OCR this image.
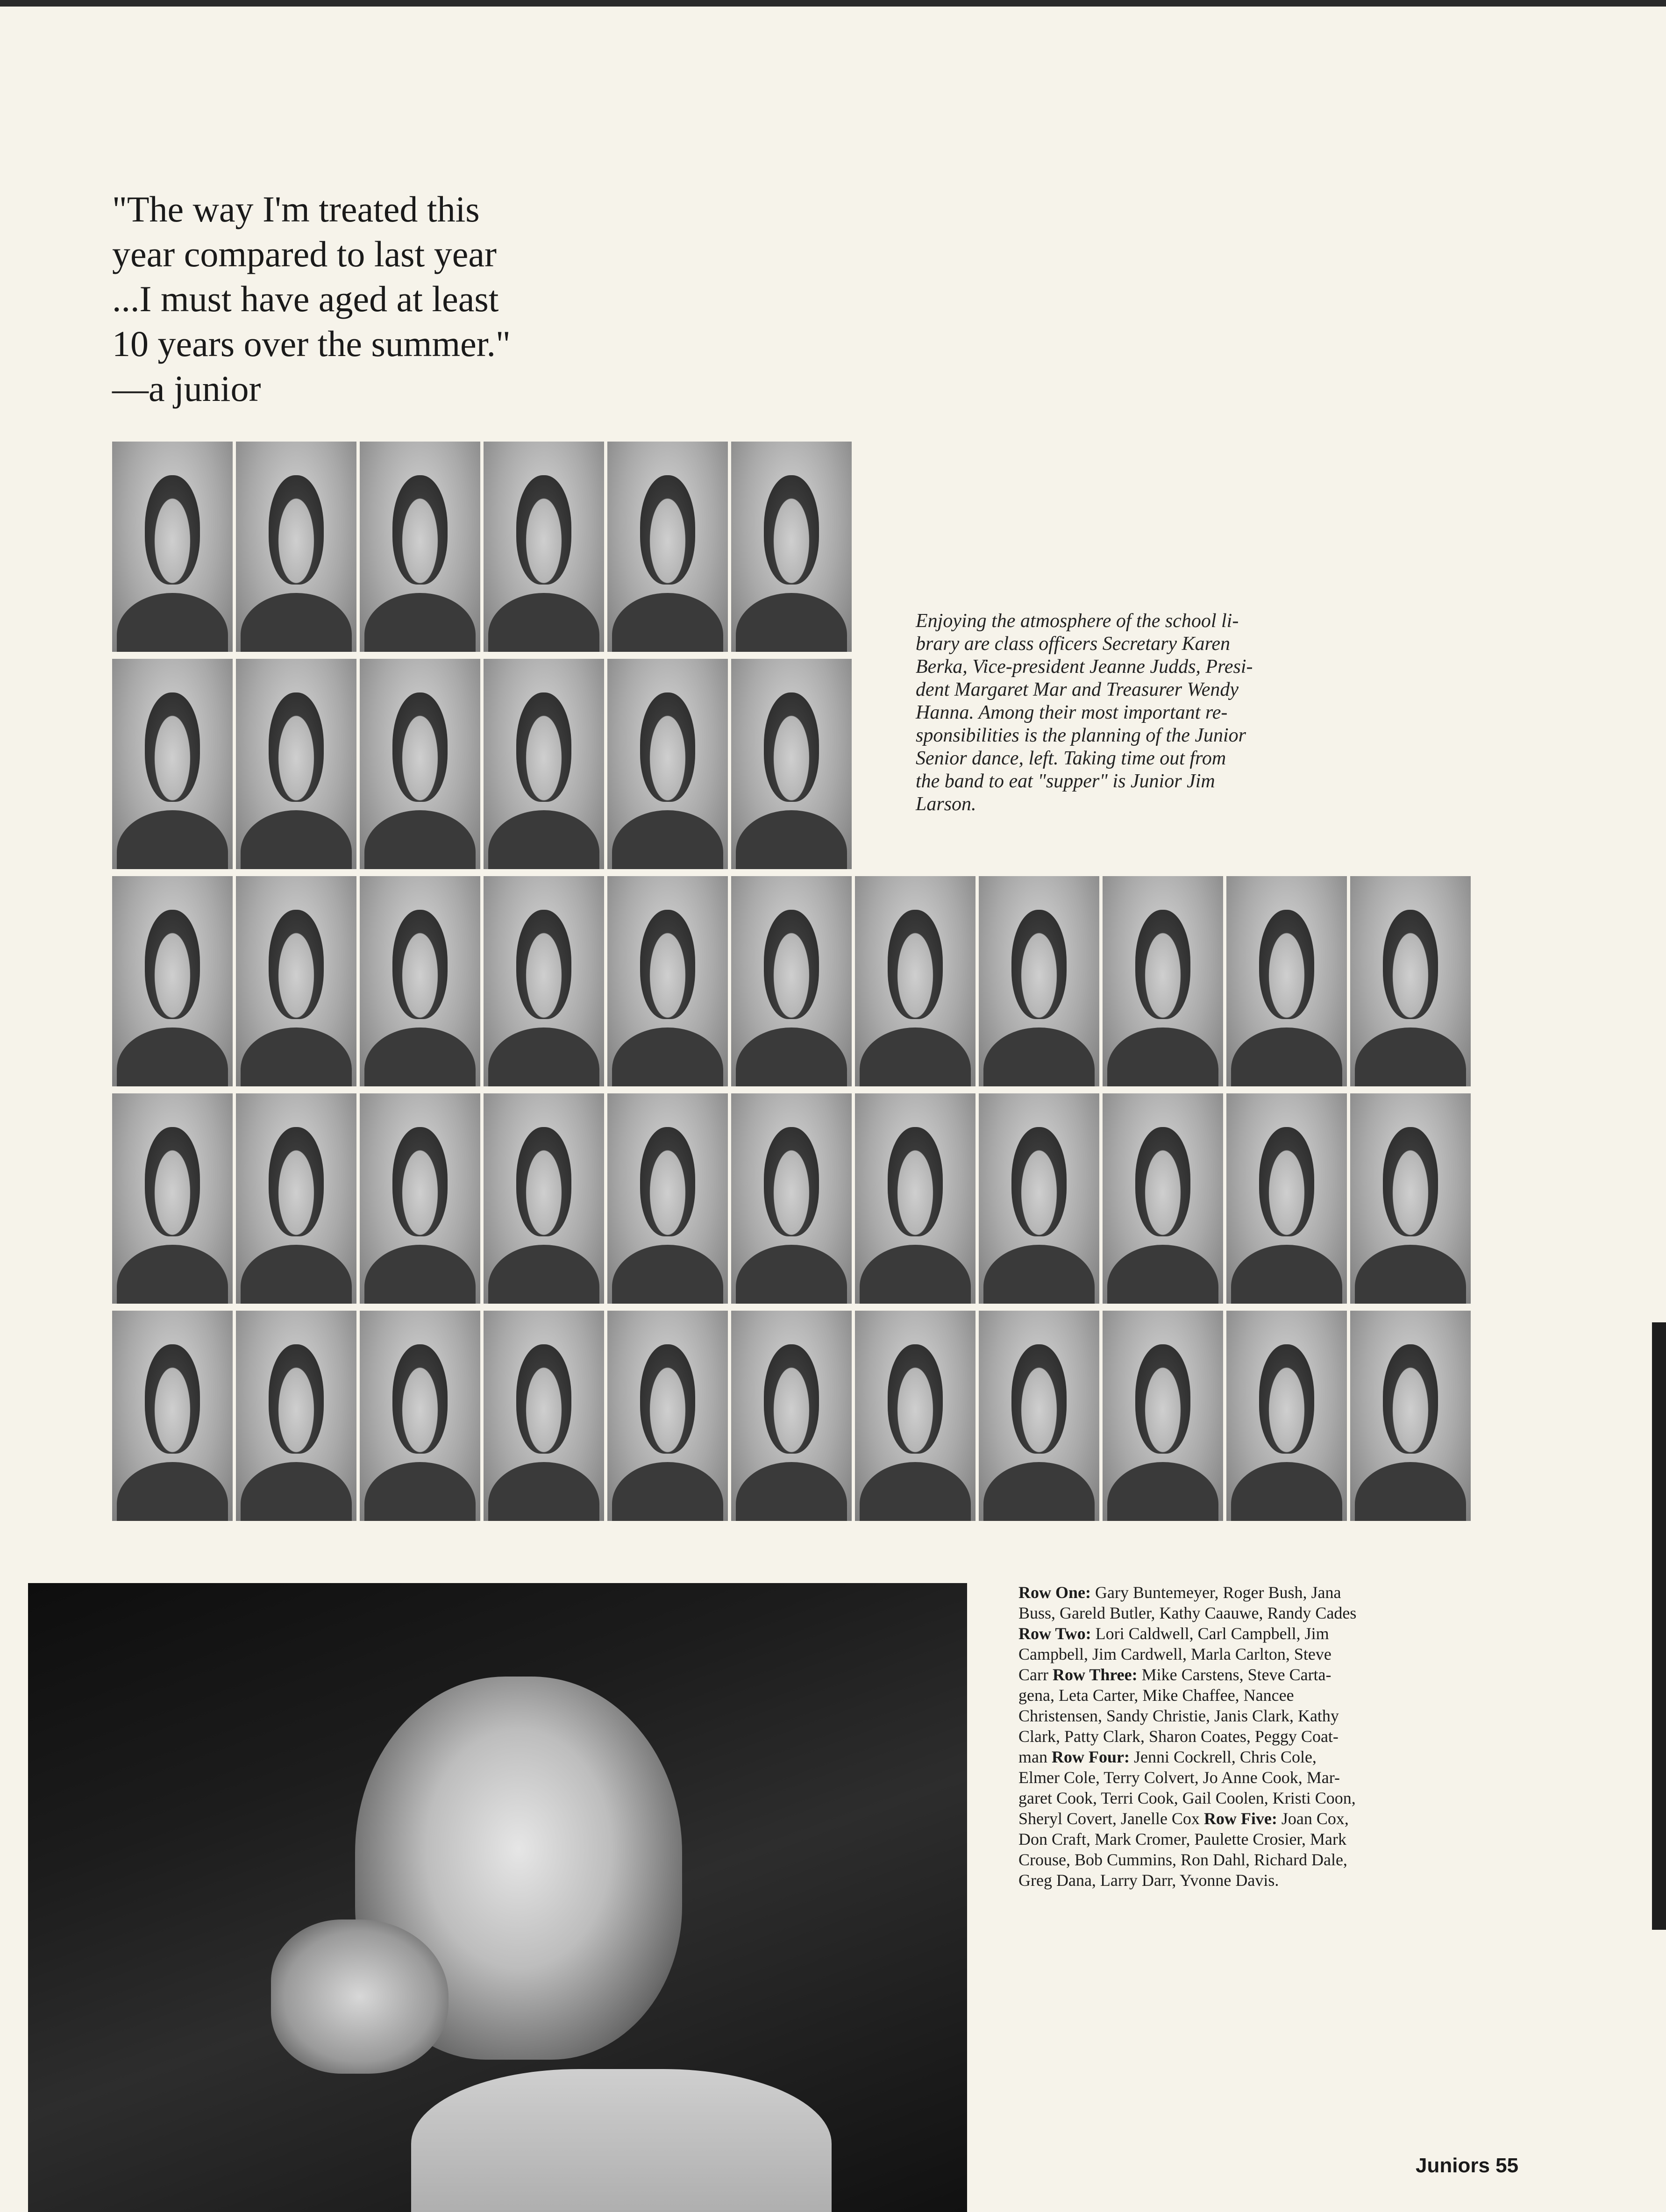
"The way I'm treated this
year compared to last year
...I must have aged at least
10 years over the summer."
—a junior
Enjoying the atmosphere of the school li-
brary are class officers Secretary Karen
Berka, Vice-president Jeanne Judds, Presi-
dent Margaret Mar and Treasurer Wendy
Hanna. Among their most important re-
sponsibilities is the planning of the Junior
Senior dance, left. Taking time out from
the band to eat "supper" is Junior Jim
Larson.
Row One: Gary Buntemeyer, Roger Bush, Jana
Buss, Gareld Butler, Kathy Caauwe, Randy Cades
Row Two: Lori Caldwell, Carl Campbell, Jim
Campbell, Jim Cardwell, Marla Carlton, Steve
Carr Row Three: Mike Carstens, Steve Carta-
gena, Leta Carter, Mike Chaffee, Nancee
Christensen, Sandy Christie, Janis Clark, Kathy
Clark, Patty Clark, Sharon Coates, Peggy Coat-
man Row Four: Jenni Cockrell, Chris Cole,
Elmer Cole, Terry Colvert, Jo Anne Cook, Mar-
garet Cook, Terri Cook, Gail Coolen, Kristi Coon,
Sheryl Covert, Janelle Cox Row Five: Joan Cox,
Don Craft, Mark Cromer, Paulette Crosier, Mark
Crouse, Bob Cummins, Ron Dahl, Richard Dale,
Greg Dana, Larry Darr, Yvonne Davis.
Juniors 55
